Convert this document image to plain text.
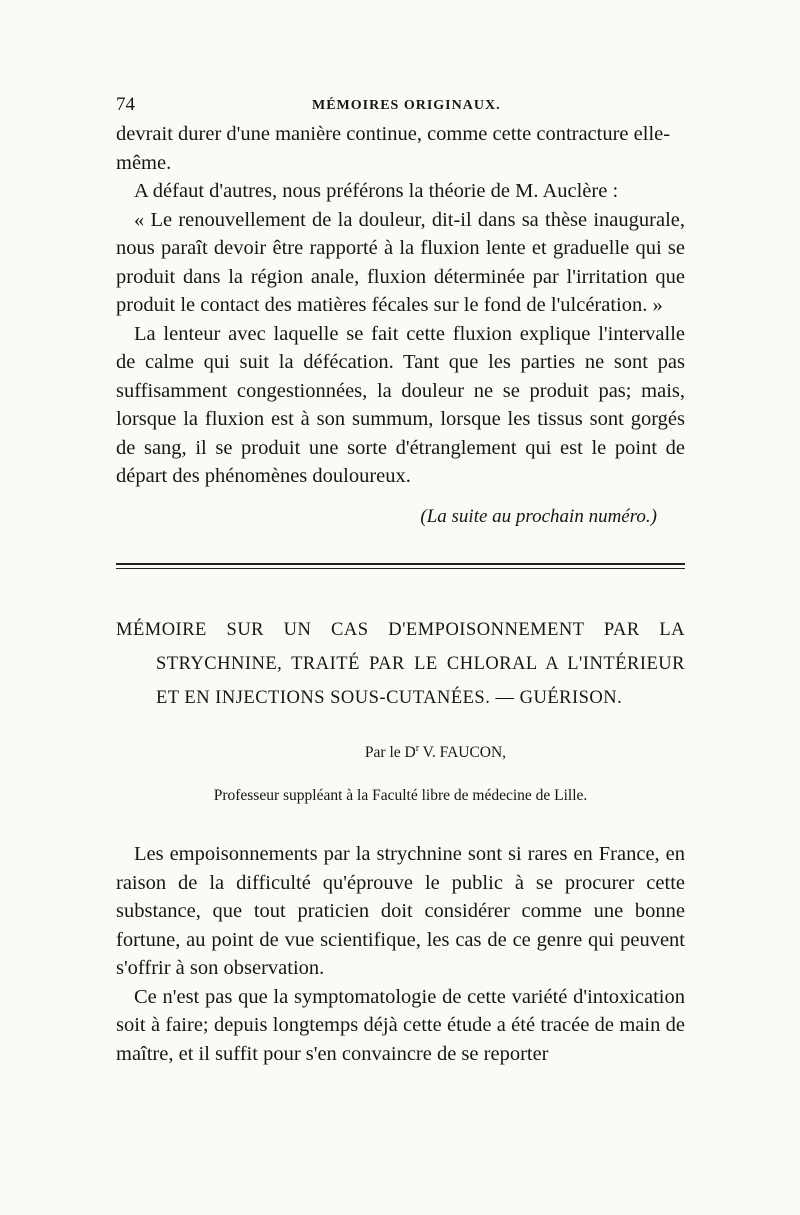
74	MÉMOIRES ORIGINAUX.

devrait durer d'une manière continue, comme cette contracture elle-même.

A défaut d'autres, nous préférons la théorie de M. Auclère :

« Le renouvellement de la douleur, dit-il dans sa thèse inaugurale, nous paraît devoir être rapporté à la fluxion lente et graduelle qui se produit dans la région anale, fluxion déterminée par l'irritation que produit le contact des matières fécales sur le fond de l'ulcération. »

La lenteur avec laquelle se fait cette fluxion explique l'intervalle de calme qui suit la défécation. Tant que les parties ne sont pas suffisamment congestionnées, la douleur ne se produit pas; mais, lorsque la fluxion est à son summum, lorsque les tissus sont gorgés de sang, il se produit une sorte d'étranglement qui est le point de départ des phénomènes douloureux.

(La suite au prochain numéro.)

MÉMOIRE SUR UN CAS D'EMPOISONNEMENT PAR LA STRYCHNINE, TRAITÉ PAR LE CHLORAL A L'INTÉRIEUR ET EN INJECTIONS SOUS-CUTANÉES. — GUÉRISON.

Par le $D^r$ V. FAUCON,

Professeur suppléant à la Faculté libre de médecine de Lille.

Les empoisonnements par la strychnine sont si rares en France, en raison de la difficulté qu'éprouve le public à se procurer cette substance, que tout praticien doit considérer comme une bonne fortune, au point de vue scientifique, les cas de ce genre qui peuvent s'offrir à son observation.

Ce n'est pas que la symptomatologie de cette variété d'intoxication soit à faire; depuis longtemps déjà cette étude a été tracée de main de maître, et il suffit pour s'en convaincre de se reporter
